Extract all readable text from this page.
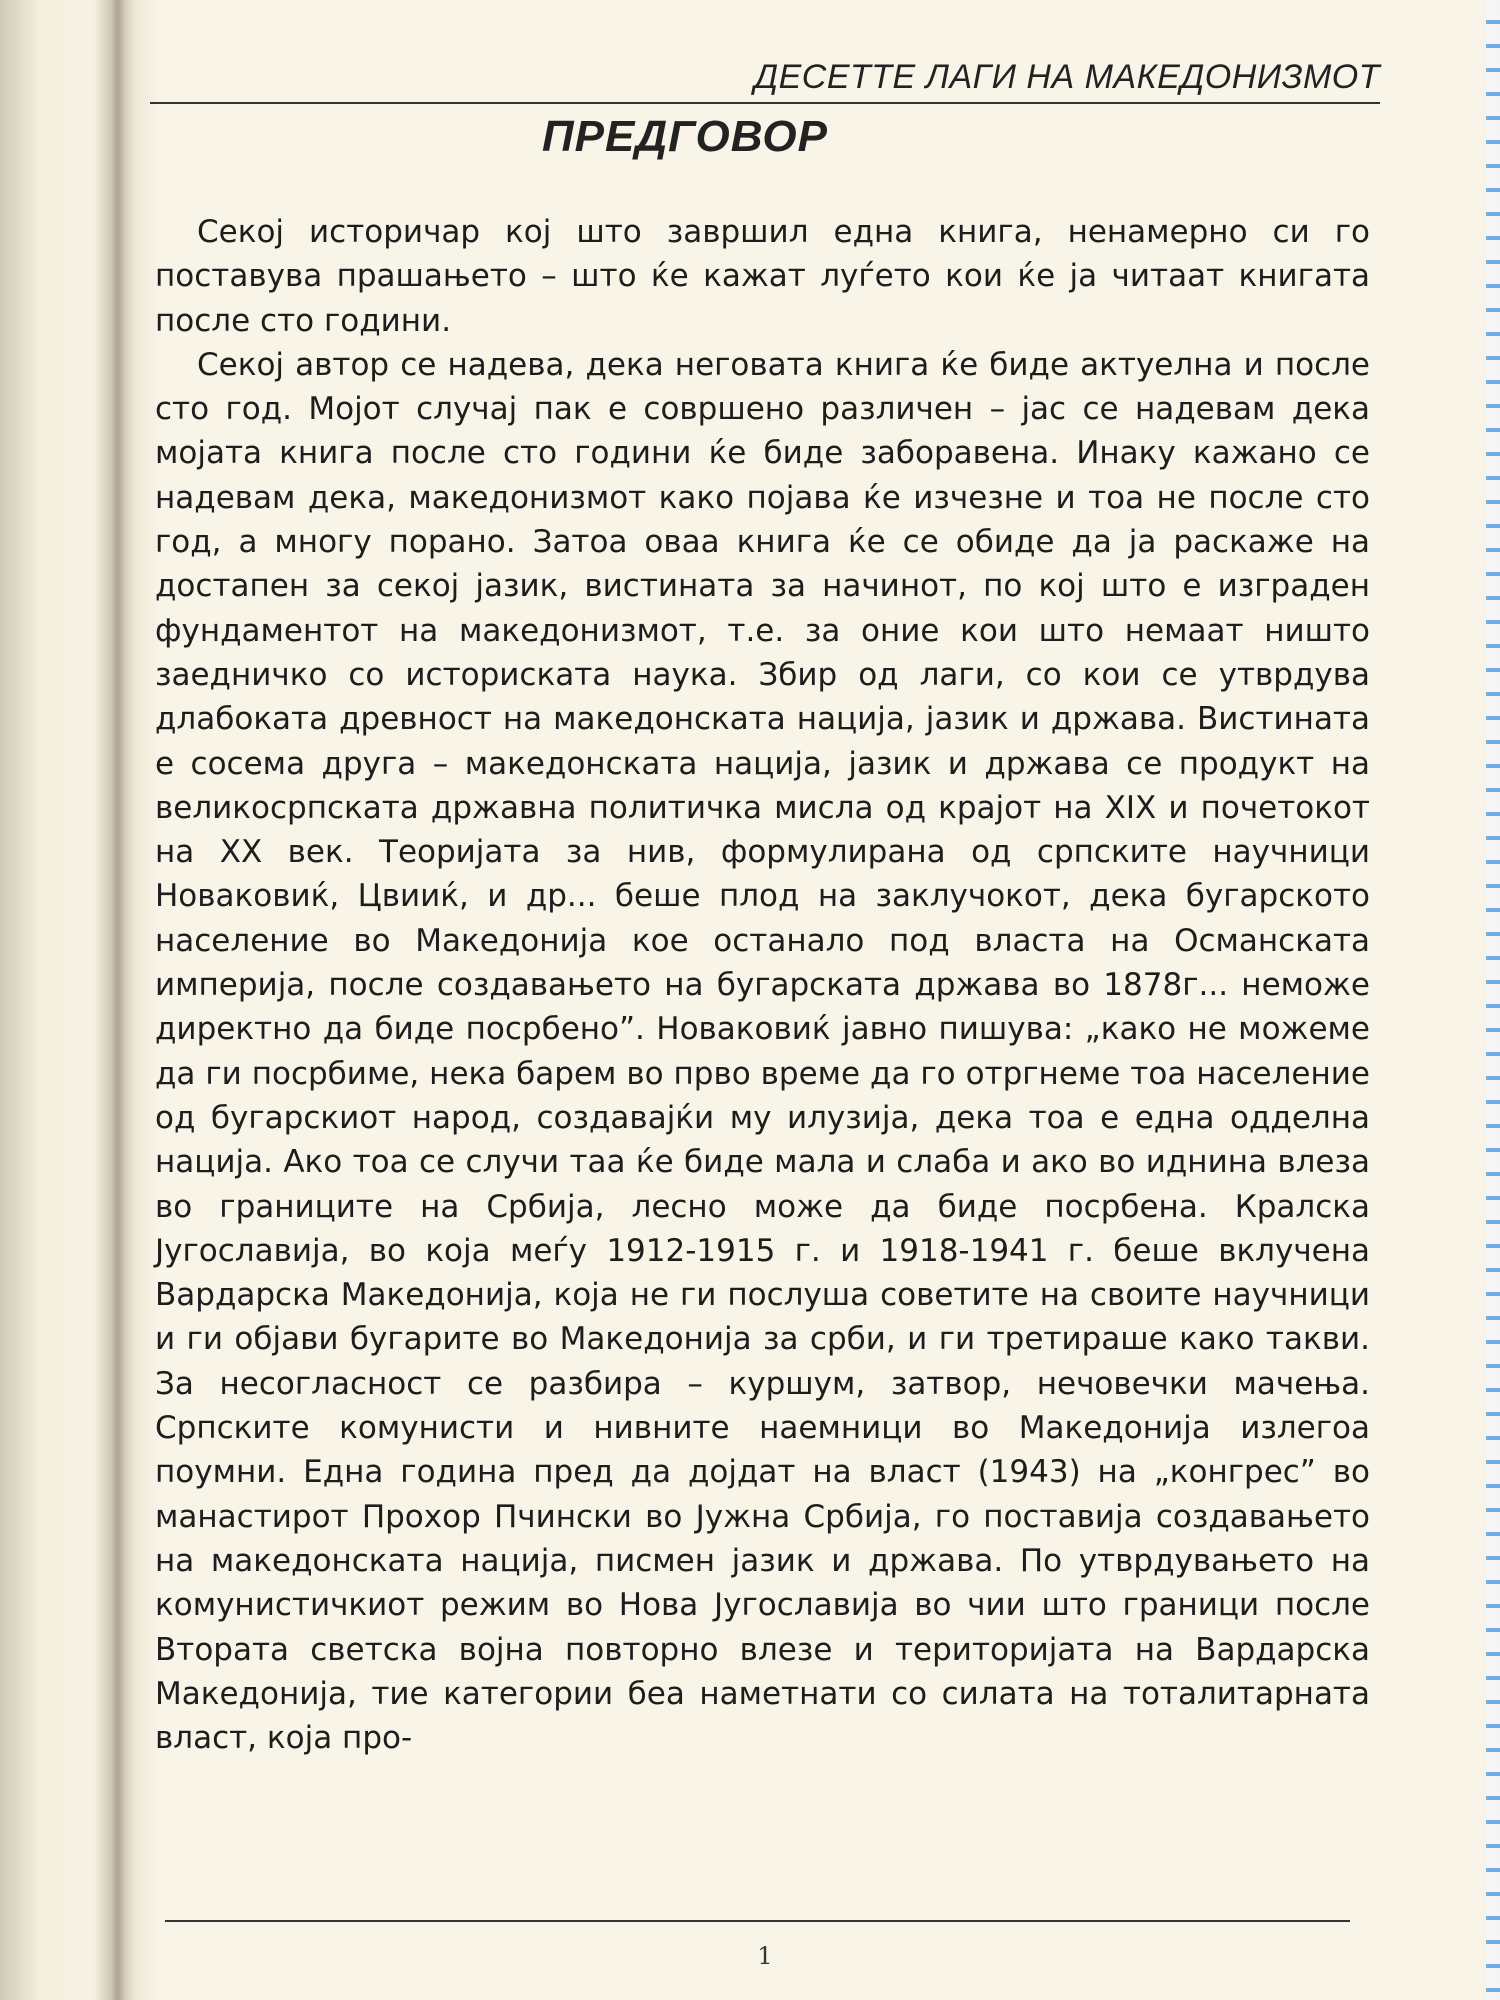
ДЕСЕТТЕ ЛАГИ НА МАКЕДОНИЗМОТ
ПРЕДГОВОР

Секој историчар кој што завршил една книга, ненамерно си го поставува прашањето – што ќе кажат луѓето кои ќе ја читаат книгата после сто години.

Секој автор се надева, дека неговата книга ќе биде актуелна и после сто год. Мојот случај пак е совршено различен – јас се надевам дека мојата книга после сто години ќе биде заборавена. Инаку кажано се надевам дека, македонизмот како појава ќе изчезне и тоа не после сто год, а многу порано. Затоа оваа книга ќе се обиде да ја раскаже на достапен за секој јазик, вистината за начинот, по кој што е изграден фундаментот на македонизмот, т.е. за оние кои што немаат ништо заедничко со историската наука. Збир од лаги, со кои се утврдува длабоката древност на македонската нација, јазик и држава. Вистината е сосема друга – македонската нација, јазик и држава се продукт на великосрпската државна политичка мисла од крајот на XIX и почетокот на XX век. Теоријата за нив, формулирана од српските научници Новаковиќ, Цвииќ, и др... беше плод на заклучокот, дека бугарското население во Македонија кое останало под власта на Османската империја, после создавањето на бугарската држава во 1878г... неможе директно да биде посрбено”. Новаковиќ јавно пишува: „како не можеме да ги посрбиме, нека барем во прво време да го отргнеме тоа население од бугарскиот народ, создавајќи му илузија, дека тоа е една одделна нација. Ако тоа се случи таа ќе биде мала и слаба и ако во иднина влеза во границите на Србија, лесно може да биде посрбена. Кралска Југославија, во која меѓу 1912-1915 г. и 1918-1941 г. беше вклучена Вардарска Македонија, која не ги послуша советите на своите научници и ги објави бугарите во Македонија за срби, и ги третираше како такви. За несогласност се разбира – куршум, затвор, нечовечки мачења. Српските комунисти и нивните наемници во Македонија излегоа поумни. Една година пред да дојдат на власт (1943) на „конгрес” во манастирот Прохор Пчински во Јужна Србија, го поставија создавањето на македонската нација, писмен јазик и држава. По утврдувањето на комунистичкиот режим во Нова Југославија во чии што граници после Втората светска војна повторно влезе и територијата на Вардарска Македонија, тие категории беа наметнати со силата на тоталитарната власт, која про-

1
